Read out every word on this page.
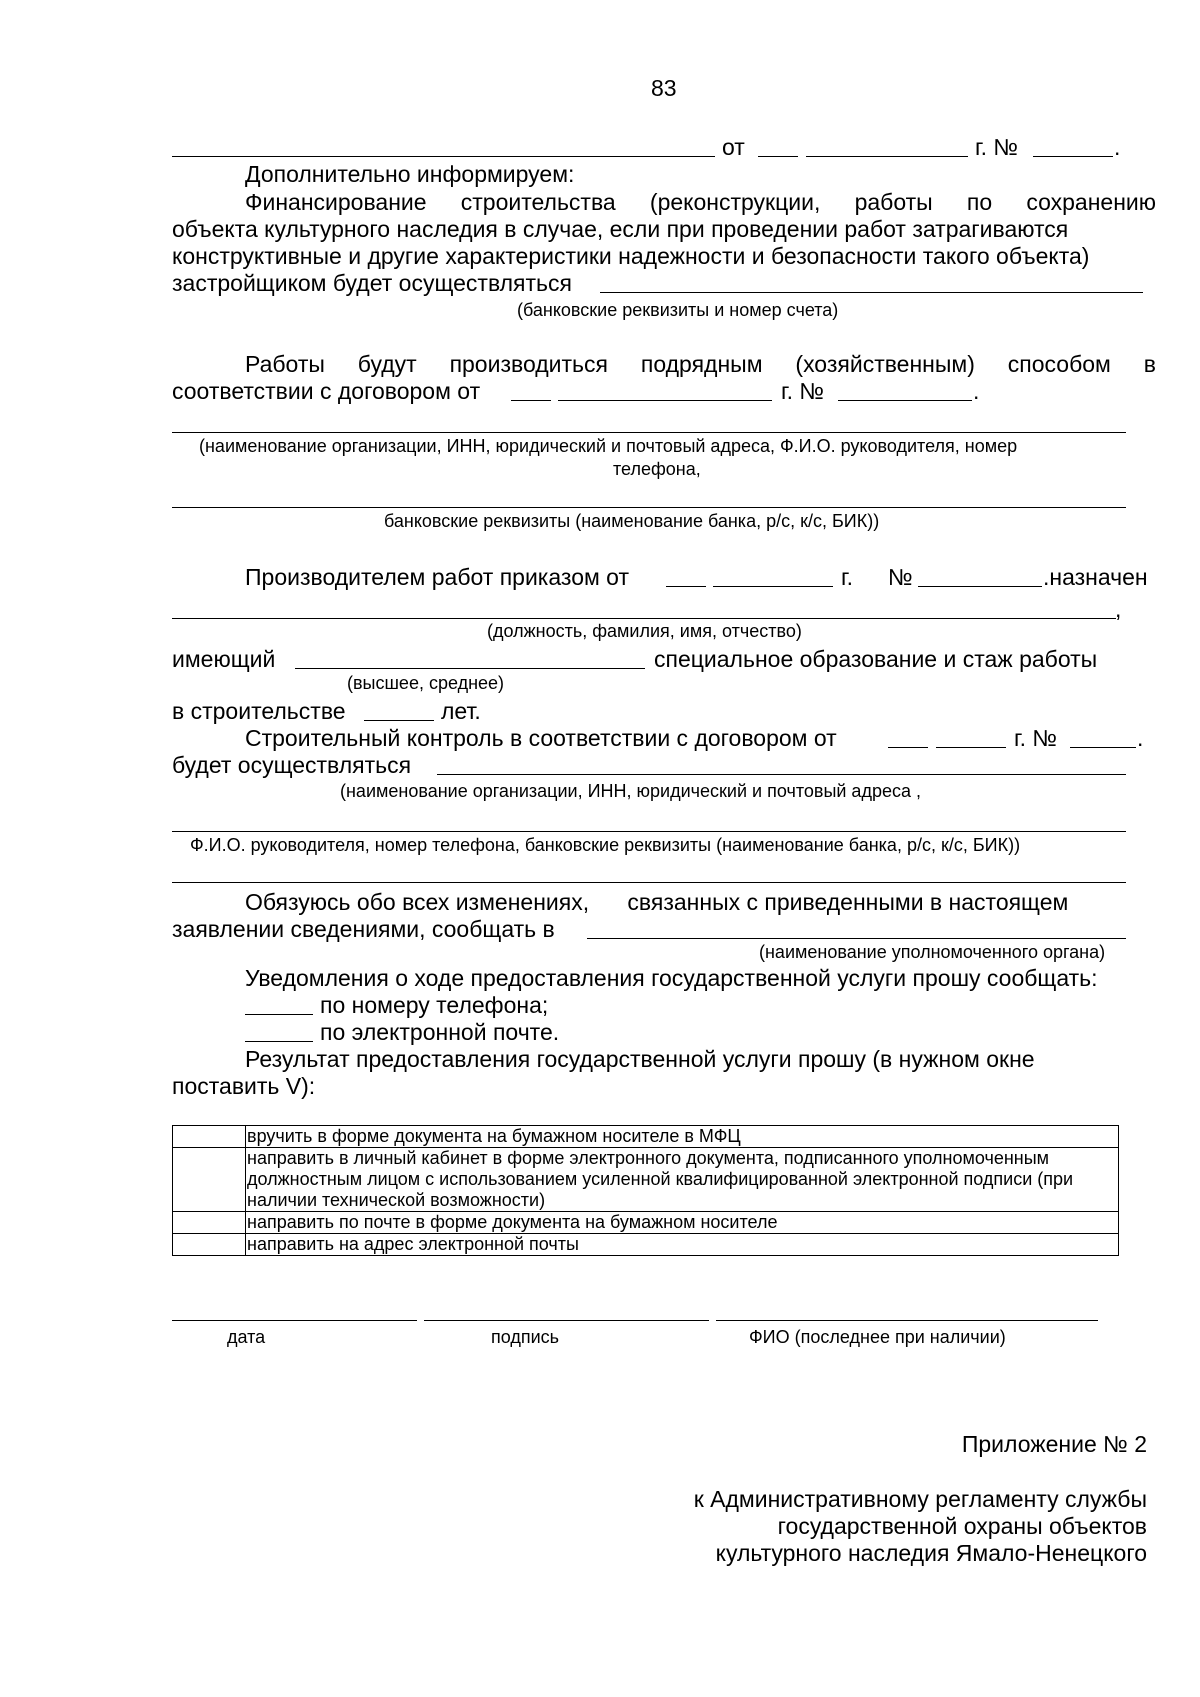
83
от	г. №	.
Дополнительно информируем:
Финансирование строительства (реконструкции, работы по сохранению
объекта культурного наследия в случае, если при проведении работ затрагиваются
конструктивные и другие характеристики надежности и безопасности такого объекта)
застройщиком будет осуществляться
(банковские реквизиты и номер счета)
Работы будут производиться подрядным (хозяйственным) способом в
соответствии с договором от	г. №	.
(наименование организации, ИНН, юридический и почтовый адреса, Ф.И.О. руководителя, номер
телефона,
банковские реквизиты (наименование банка, р/с, к/с, БИК))
Производителем работ приказом от	г. №	.назначен
,
(должность, фамилия, имя, отчество)
имеющий	специальное образование и стаж работы
(высшее, среднее)
в строительстве	лет.
Строительный контроль в соответствии с договором от	г. №	.
будет осуществляться
(наименование организации, ИНН, юридический и почтовый адреса ,
Ф.И.О. руководителя, номер телефона, банковские реквизиты (наименование банка, р/с, к/с, БИК))
Обязуюсь обо всех изменениях,      связанных с приведенными в настоящем
заявлении сведениями, сообщать в
(наименование уполномоченного органа)
Уведомления о ходе предоставления государственной услуги прошу сообщать:
по номеру телефона;
по электронной почте.
Результат предоставления государственной услуги прошу (в нужном окне
поставить V):
	вручить в форме документа на бумажном носителе в МФЦ
	направить в личный кабинет в форме электронного документа, подписанного уполномоченным должностным лицом с использованием усиленной квалифицированной электронной подписи (при наличии технической возможности)
	направить по почте в форме документа на бумажном носителе
	направить на адрес электронной почты
дата	подпись	ФИО (последнее при наличии)
Приложение № 2
к Административному регламенту службы
государственной охраны объектов
культурного наследия Ямало-Ненецкого
